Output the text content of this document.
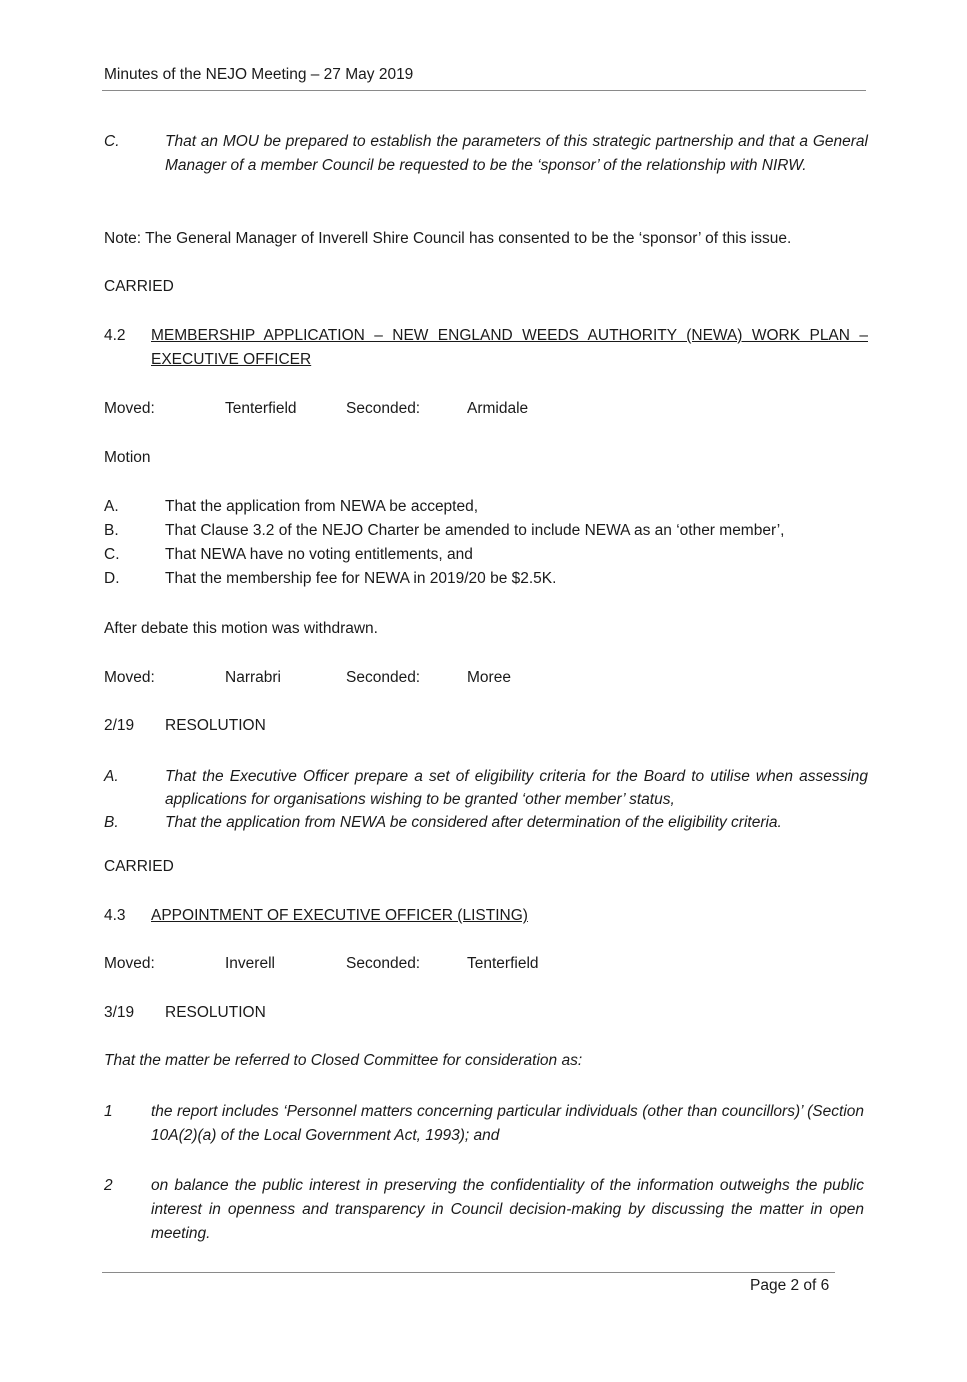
Minutes of the NEJO Meeting – 27 May 2019
C.	That an MOU be prepared to establish the parameters of this strategic partnership and that a General Manager of a member Council be requested to be the ‘sponsor’ of the relationship with NIRW.
Note: The General Manager of Inverell Shire Council has consented to be the ‘sponsor’ of this issue.
CARRIED
4.2 MEMBERSHIP APPLICATION – NEW ENGLAND WEEDS AUTHORITY (NEWA) WORK PLAN – EXECUTIVE OFFICER
Moved:	Tenterfield	Seconded:	Armidale
Motion
A.	That the application from NEWA be accepted,
B.	That Clause 3.2 of the NEJO Charter be amended to include NEWA as an ‘other member’,
C.	That NEWA have no voting entitlements, and
D.	That the membership fee for NEWA in 2019/20 be $2.5K.
After debate this motion was withdrawn.
Moved:	Narrabri	Seconded:	Moree
2/19 RESOLUTION
A.	That the Executive Officer prepare a set of eligibility criteria for the Board to utilise when assessing applications for organisations wishing to be granted ‘other member’ status,
B.	That the application from NEWA be considered after determination of the eligibility criteria.
CARRIED
4.3 APPOINTMENT OF EXECUTIVE OFFICER (LISTING)
Moved:	Inverell	Seconded:	Tenterfield
3/19 RESOLUTION
That the matter be referred to Closed Committee for consideration as:
1 the report includes ‘Personnel matters concerning particular individuals (other than councillors)’ (Section 10A(2)(a) of the Local Government Act, 1993); and
2 on balance the public interest in preserving the confidentiality of the information outweighs the public interest in openness and transparency in Council decision-making by discussing the matter in open meeting.
Page 2 of 6
